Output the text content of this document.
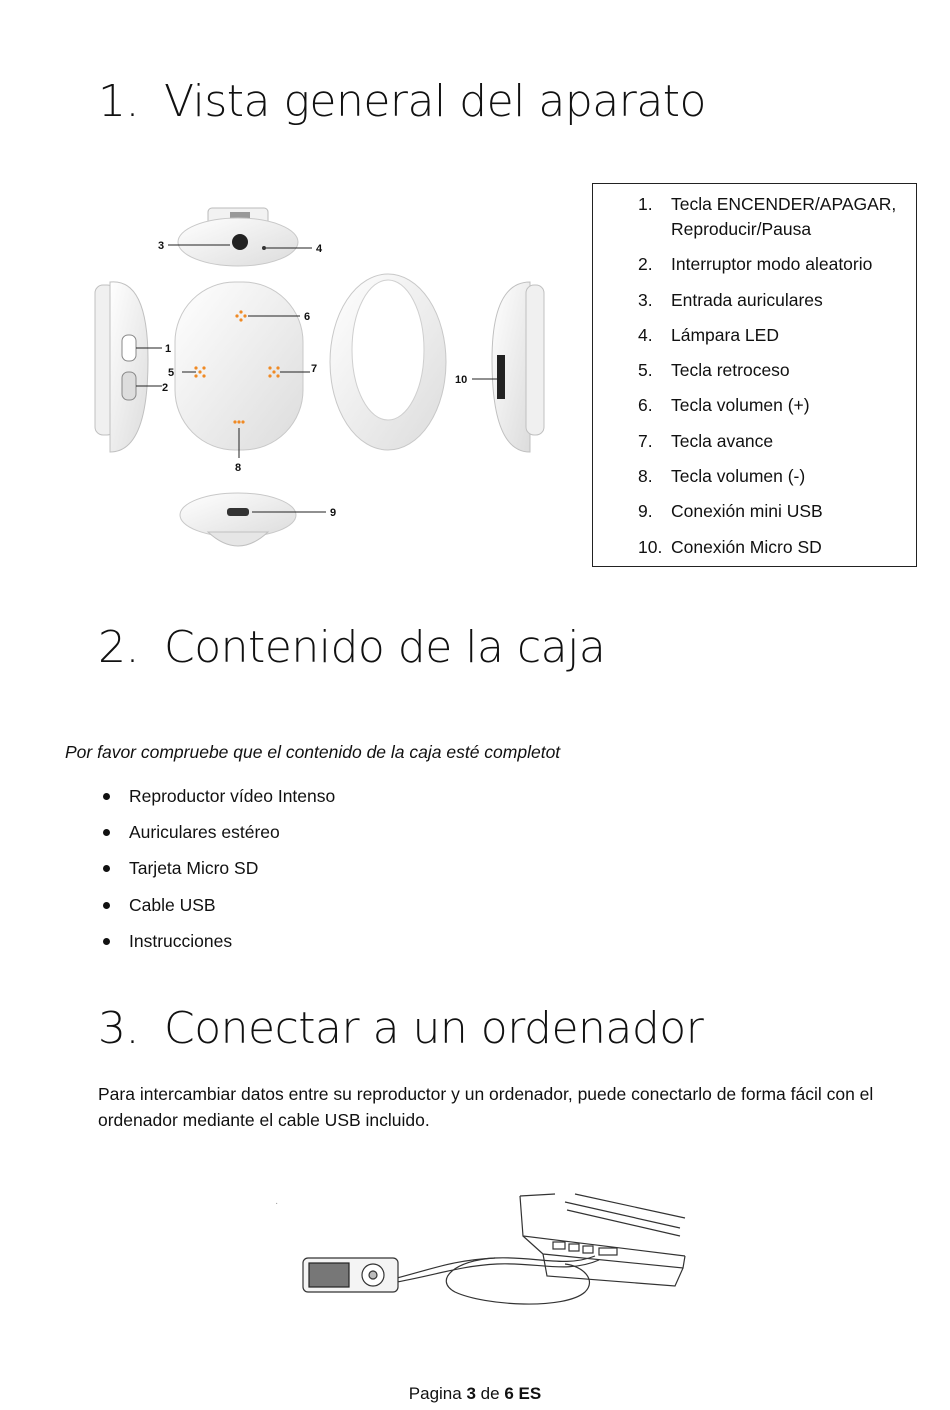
1. Vista general del aparato
3	4
1
2
5
6
7
8
9
10
1. Tecla ENCENDER/APAGAR, Reproducir/Pausa
2. Interruptor modo aleatorio
3. Entrada auriculares
4. Lámpara LED
5. Tecla retroceso
6. Tecla volumen (+)
7. Tecla avance
8. Tecla volumen (-)
9. Conexión mini USB
10. Conexión Micro SD
2. Contenido de la caja
Por favor compruebe que el contenido de la caja esté completot
Reproductor vídeo Intenso
Auriculares estéreo
Tarjeta Micro SD
Cable USB
Instrucciones
3. Conectar a un ordenador
Para intercambiar datos entre su reproductor y un ordenador, puede conectarlo de forma fácil con el ordenador mediante el cable USB incluido.
·
Pagina 3 de 6 ES
